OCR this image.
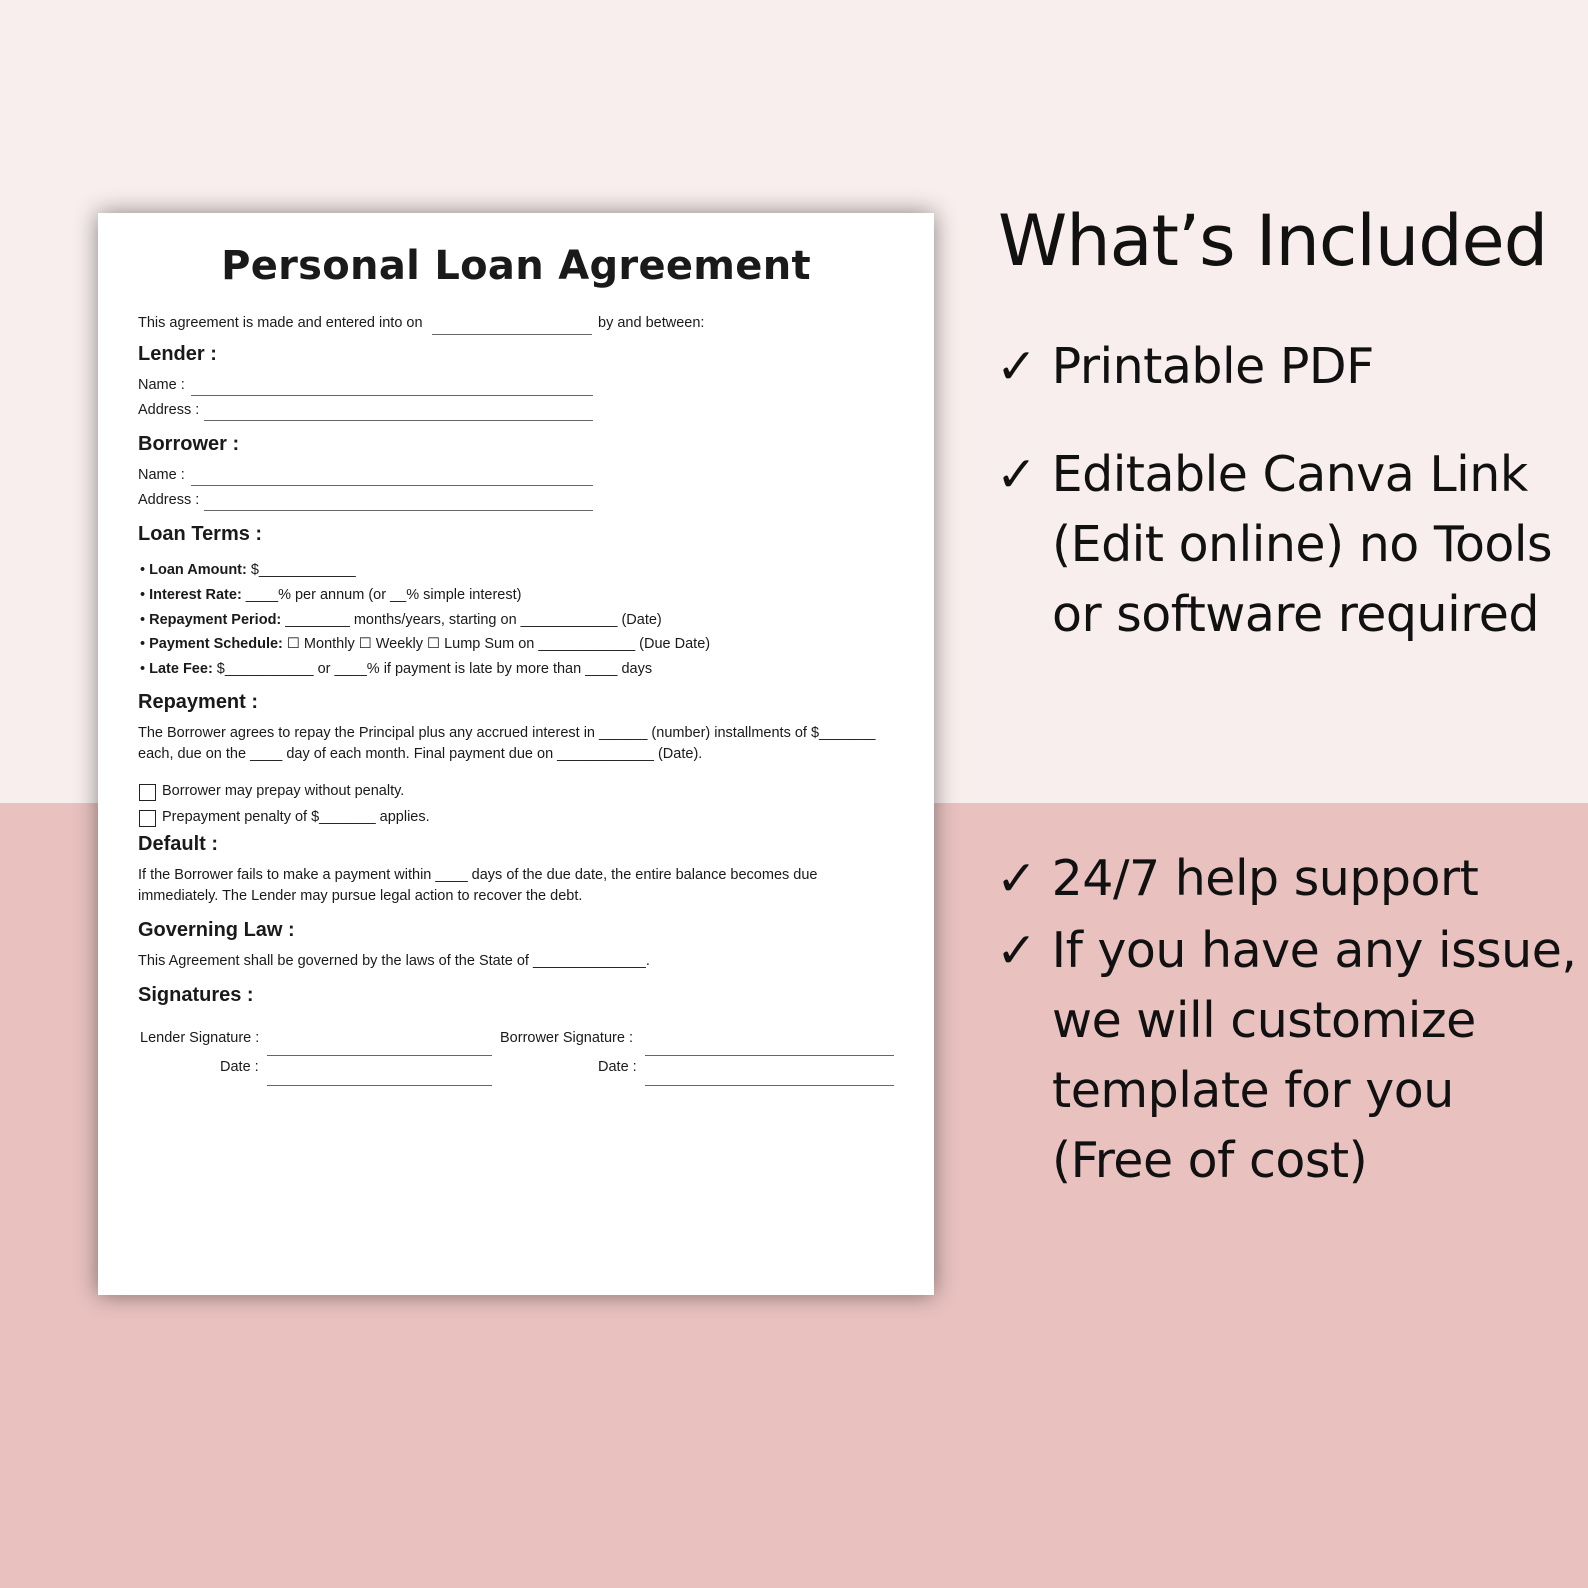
Personal Loan Agreement
This agreement is made and entered into on	by and between:
Lender :
Name :
Address :
Borrower :
Name :
Address :
Loan Terms :
• Loan Amount: $____________
• Interest Rate: ____% per annum (or __% simple interest)
• Repayment Period: ________ months/years, starting on ____________ (Date)
• Payment Schedule: ☐ Monthly ☐ Weekly ☐ Lump Sum on ____________ (Due Date)
• Late Fee: $___________ or ____% if payment is late by more than ____ days
Repayment :
The Borrower agrees to repay the Principal plus any accrued interest in ______ (number) installments of $_______
each, due on the ____ day of each month. Final payment due on ____________ (Date).
Borrower may prepay without penalty.
Prepayment penalty of $_______ applies.
Default :
If the Borrower fails to make a payment within ____ days of the due date, the entire balance becomes due
immediately. The Lender may pursue legal action to recover the debt.
Governing Law :
This Agreement shall be governed by the laws of the State of ______________.
Signatures :
Lender Signature :	Borrower Signature :
Date :	Date :
What’s Included
✓ Printable PDF
✓ Editable Canva Link
(Edit online) no Tools
or software required
✓ 24/7 help support
✓ If you have any issue,
we will customize
template for you
(Free of cost)
